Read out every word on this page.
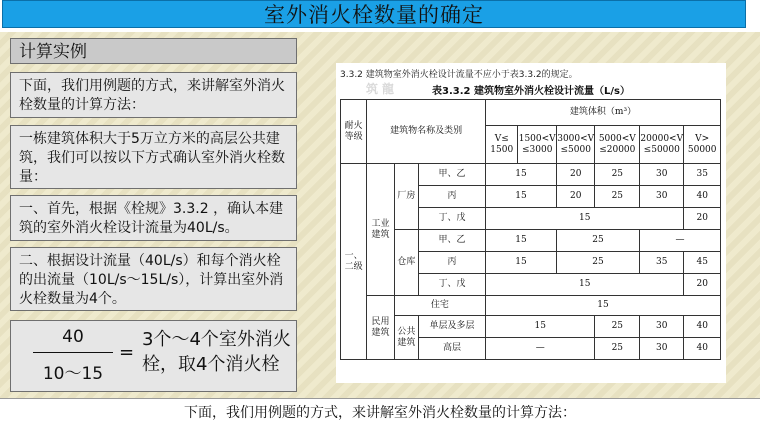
室外消火栓数量的确定
计算实例
下面，我们用例题的方式，来讲解室外消火栓数量的计算方法：
一栋建筑体积大于5万立方米的高层公共建筑，我们可以按以下方式确认室外消火栓数量：
一、首先，根据《栓规》3.3.2 ，确认本建筑的室外消火栓设计流量为40L/s。
二、根据设计流量（40L/s）和每个消火栓的出流量（10L/s～15L/s），计算出室外消火栓数量为4个。
40
10～15
=
3个～4个室外消火栓，取4个消火栓
3.3.2 建筑物室外消火栓设计流量不应小于表3.3.2的规定。
筑龍	表3.3.2 建筑物室外消火栓设计流量（L/s）
耐火等级	建筑物名称及类别			建筑体积（m³）					
				V≤ 1500	1500<V ≤3000	3000<V ≤5000	5000<V ≤20000	20000<V ≤50000	V> 50000
一、二级	工业建筑	厂房	甲、乙	15		20	25	30	35
			丙	15		20	25	30	40
			丁、戊	15					20
		仓库	甲、乙	15		25		—	
			丙	15		25		35	45
			丁、戊	15					20
	民用建筑	住宅		15					
		公共建筑	单层及多层	15			25	30	40
			高层	—			25	30	40
下面，我们用例题的方式，来讲解室外消火栓数量的计算方法：
